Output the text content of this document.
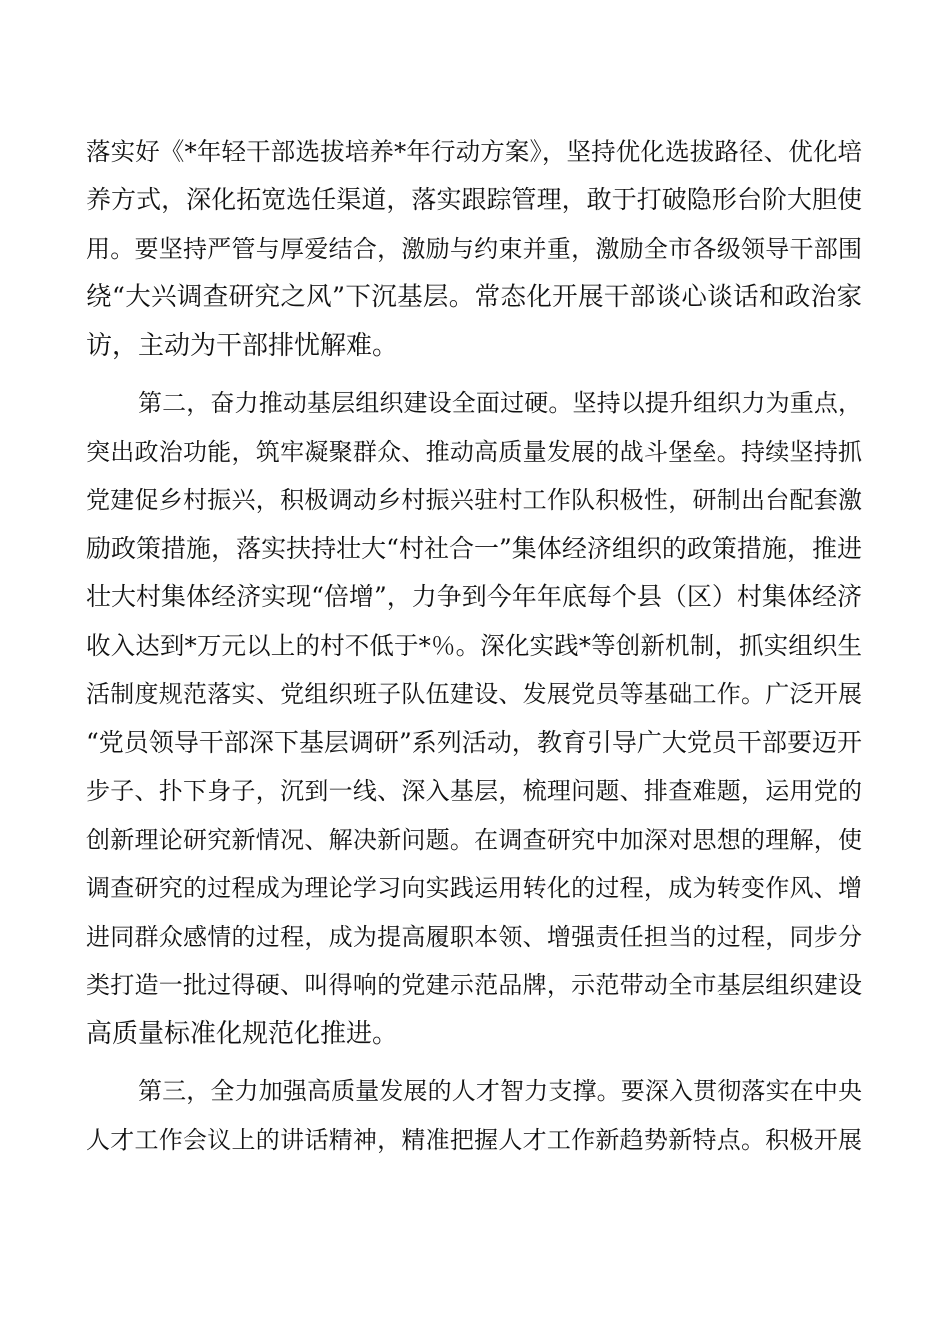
落实好《*年轻干部选拔培养*年行动方案》，坚持优化选拔路径、优化培
养方式，深化拓宽选任渠道，落实跟踪管理，敢于打破隐形台阶大胆使
用。要坚持严管与厚爱结合，激励与约束并重，激励全市各级领导干部围
绕“大兴调查研究之风”下沉基层。常态化开展干部谈心谈话和政治家
访，主动为干部排忧解难。
第二，奋力推动基层组织建设全面过硬。坚持以提升组织力为重点，
突出政治功能，筑牢凝聚群众、推动高质量发展的战斗堡垒。持续坚持抓
党建促乡村振兴，积极调动乡村振兴驻村工作队积极性，研制出台配套激
励政策措施，落实扶持壮大“村社合一”集体经济组织的政策措施，推进
壮大村集体经济实现“倍增”，力争到今年年底每个县（区）村集体经济
收入达到*万元以上的村不低于*％。深化实践*等创新机制，抓实组织生
活制度规范落实、党组织班子队伍建设、发展党员等基础工作。广泛开展
“党员领导干部深下基层调研”系列活动，教育引导广大党员干部要迈开
步子、扑下身子，沉到一线、深入基层，梳理问题、排查难题，运用党的
创新理论研究新情况、解决新问题。在调查研究中加深对思想的理解，使
调查研究的过程成为理论学习向实践运用转化的过程，成为转变作风、增
进同群众感情的过程，成为提高履职本领、增强责任担当的过程，同步分
类打造一批过得硬、叫得响的党建示范品牌，示范带动全市基层组织建设
高质量标准化规范化推进。
第三，全力加强高质量发展的人才智力支撑。要深入贯彻落实在中央
人才工作会议上的讲话精神，精准把握人才工作新趋势新特点。积极开展
